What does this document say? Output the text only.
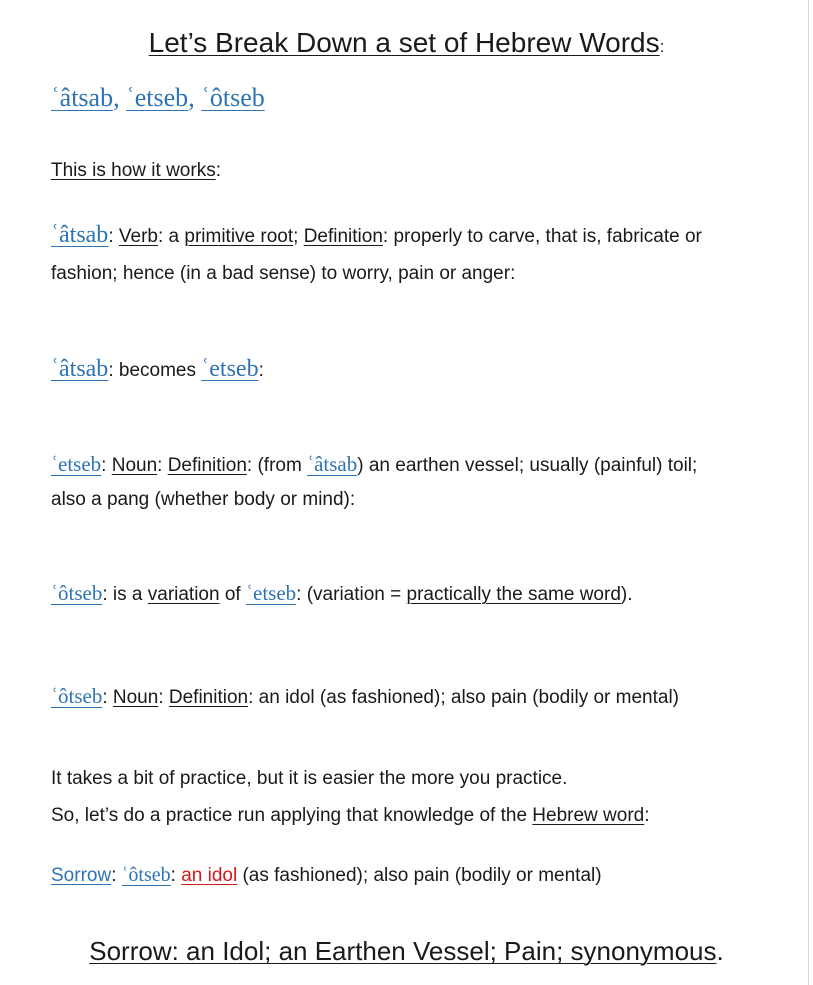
Let’s Break Down a set of Hebrew Words:
ʿâtsab, ʿetseb, ʿôtseb
This is how it works:
ʿâtsab: Verb: a primitive root; Definition: properly to carve, that is, fabricate or
fashion; hence (in a bad sense) to worry, pain or anger:
ʿâtsab: becomes ʿetseb:
ʿetseb: Noun: Definition: (from ʿâtsab) an earthen vessel; usually (painful) toil;
also a pang (whether body or mind):
ʿôtseb: is a variation of ʿetseb: (variation = practically the same word).
ʿôtseb: Noun: Definition: an idol (as fashioned); also pain (bodily or mental)
It takes a bit of practice, but it is easier the more you practice.
So, let’s do a practice run applying that knowledge of the Hebrew word:
Sorrow: ʿôtseb: an idol (as fashioned); also pain (bodily or mental)
Sorrow: an Idol; an Earthen Vessel; Pain; synonymous.
